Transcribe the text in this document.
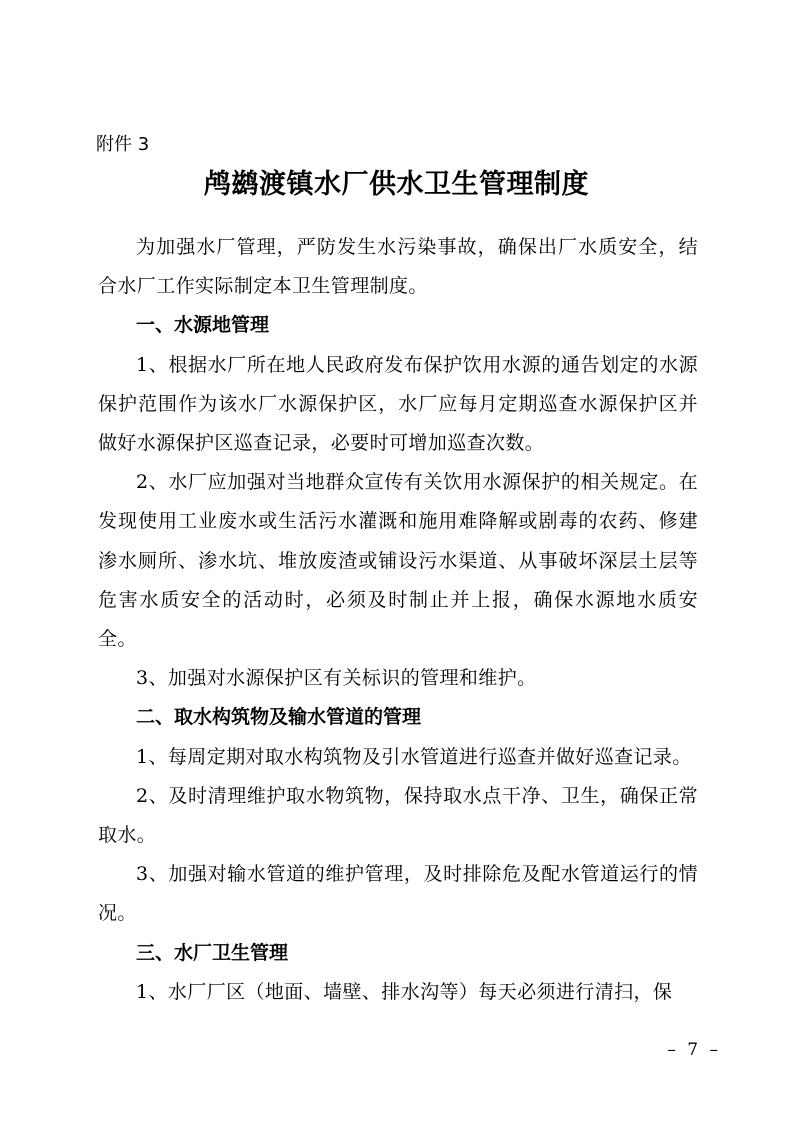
附件 3
鸬鹚渡镇水厂供水卫生管理制度

为加强水厂管理，严防发生水污染事故，确保出厂水质安全，结合水厂工作实际制定本卫生管理制度。

一、水源地管理

1、根据水厂所在地人民政府发布保护饮用水源的通告划定的水源保护范围作为该水厂水源保护区，水厂应每月定期巡查水源保护区并做好水源保护区巡查记录，必要时可增加巡查次数。

2、水厂应加强对当地群众宣传有关饮用水源保护的相关规定。在发现使用工业废水或生活污水灌溉和施用难降解或剧毒的农药、修建渗水厕所、渗水坑、堆放废渣或铺设污水渠道、从事破坏深层土层等危害水质安全的活动时，必须及时制止并上报，确保水源地水质安全。

3、加强对水源保护区有关标识的管理和维护。

二、取水构筑物及输水管道的管理

1、每周定期对取水构筑物及引水管道进行巡查并做好巡查记录。

2、及时清理维护取水物筑物，保持取水点干净、卫生，确保正常取水。

3、加强对输水管道的维护管理，及时排除危及配水管道运行的情况。

三、水厂卫生管理

1、水厂厂区（地面、墙壁、排水沟等）每天必须进行清扫，保

– 7 –
